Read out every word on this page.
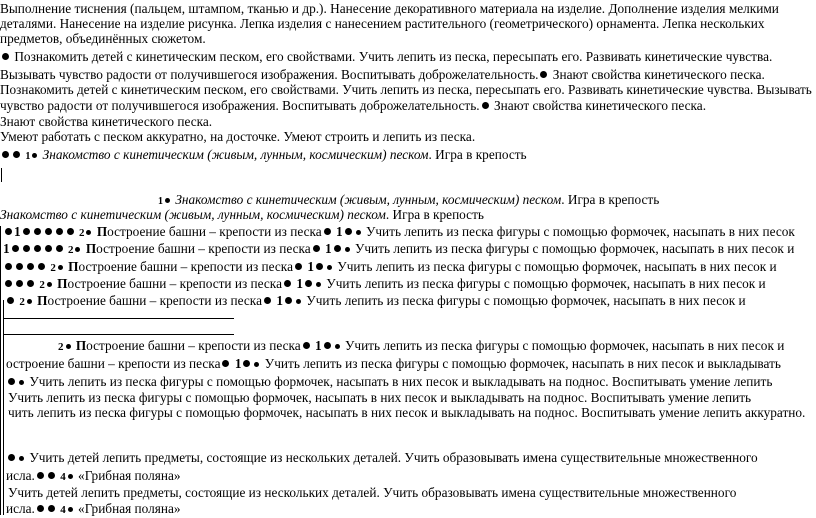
Выполнение тиснения (пальцем, штампом, тканью и др.). Нанесение декоративного материала на изделие. Дополнение изделия мелкими
деталями. Нанесение на изделие рисунка. Лепка изделия с нанесением растительного (геометрического) орнамента. Лепка нескольких
предметов, объединённых сюжетом.
Познакомить детей с кинетическим песком, его свойствами. Учить лепить из песка, пересыпать его. Развивать кинетические чувства.
Вызывать чувство радости от получившегося изображения. Воспитывать доброжелательность. Знают свойства кинетического песка.
Познакомить детей с кинетическим песком, его свойствами. Учить лепить из песка, пересыпать его. Развивать кинетические чувства. Вызывать
чувство радости от получившегося изображения. Воспитывать доброжелательность. Знают свойства кинетического песка.
Знают свойства кинетического песка.
Умеют работать с песком аккуратно, на досточке. Умеют строить и лепить из песка.
1 Знакомство с кинетическим (живым, лунным, космическим) песком. Игра в крепость
1 Знакомство с кинетическим (живым, лунным, космическим) песком. Игра в крепость
Знакомство с кинетическим (живым, лунным, космическим) песком. Игра в крепость
1	2 Построение башни – крепости из песка 1 Учить лепить из песка фигуры с помощью формочек, насыпать в них песок
1	2 Построение башни – крепости из песка 1 Учить лепить из песка фигуры с помощью формочек, насыпать в них песок и
2 Построение башни – крепости из песка 1 Учить лепить из песка фигуры с помощью формочек, насыпать в них песок и
2 Построение башни – крепости из песка 1 Учить лепить из песка фигуры с помощью формочек, насыпать в них песок и
2 Построение башни – крепости из песка 1 Учить лепить из песка фигуры с помощью формочек, насыпать в них песок и
2 Построение башни – крепости из песка 1 Учить лепить из песка фигуры с помощью формочек, насыпать в них песок и
остроение башни – крепости из песка 1 Учить лепить из песка фигуры с помощью формочек, насыпать в них песок и выкладывать
Учить лепить из песка фигуры с помощью формочек, насыпать в них песок и выкладывать на поднос. Воспитывать умение лепить
Учить лепить из песка фигуры с помощью формочек, насыпать в них песок и выкладывать на поднос. Воспитывать умение лепить
чить лепить из песка фигуры с помощью формочек, насыпать в них песок и выкладывать на поднос. Воспитывать умение лепить аккуратно.
Учить детей лепить предметы, состоящие из нескольких деталей. Учить образовывать имена существительные множественного
исла. 4 «Грибная поляна»
Учить детей лепить предметы, состоящие из нескольких деталей. Учить образовывать имена существительные множественного
исла. 4 «Грибная поляна»
